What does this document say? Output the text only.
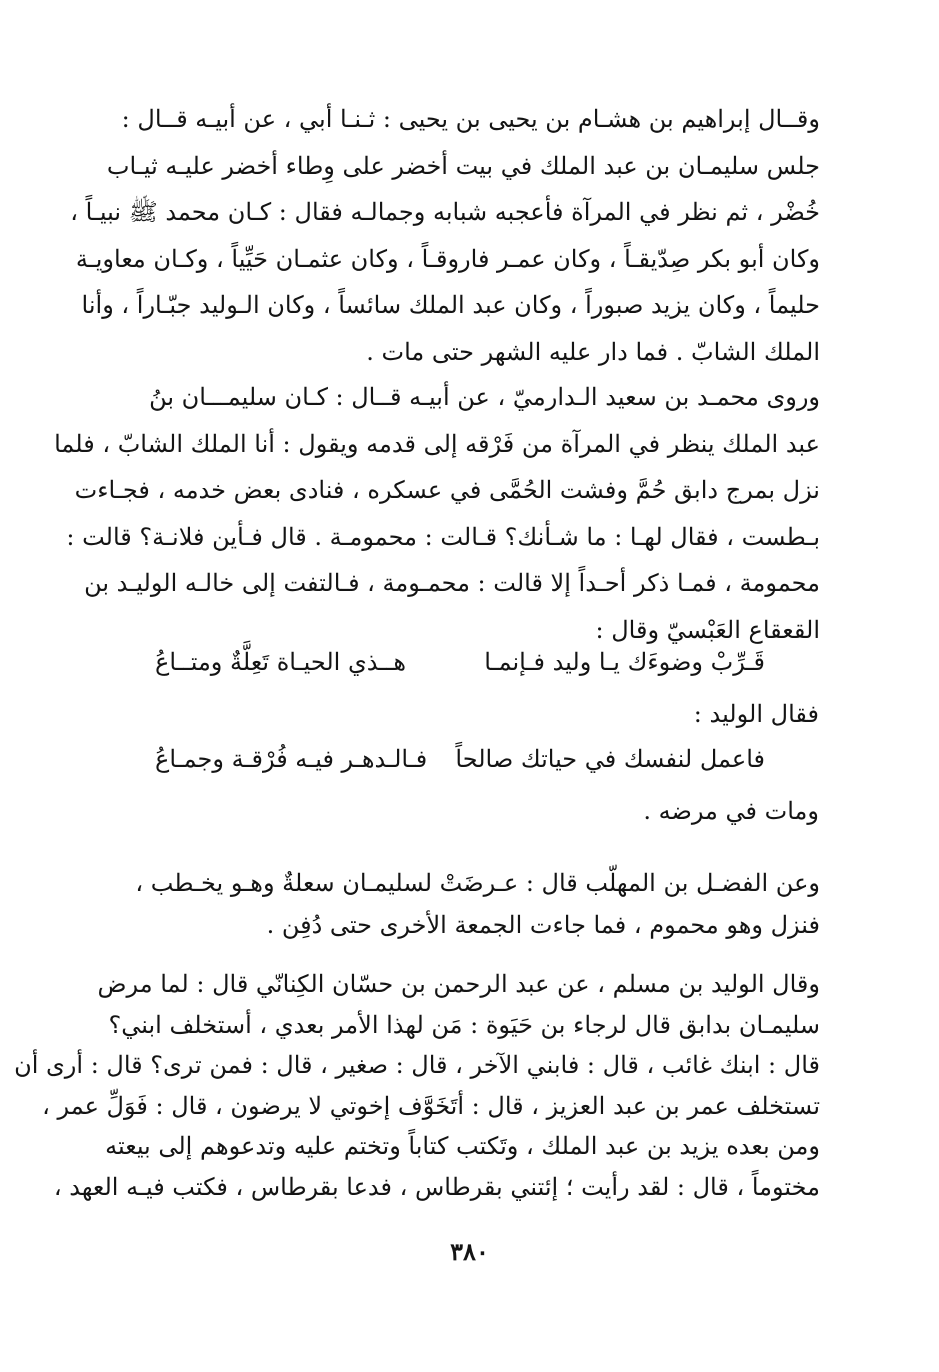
وقــال إبراهيم بن هشـام بن يحيى بن يحيى : ثـنـا أبي ، عن أبيـه قــال :
جلس سليمـان بن عبد الملك في بيت أخضر على وِطاء أخضر عليـه ثيـاب
خُضْر ، ثم نظر في المرآة فأعجبه شبابه وجمالـه فقال : كـان محمد ﷺ نبيـاً ،
وكان أبو بكر صِدّيقـاً ، وكان عمـر فاروقـاً ، وكان عثمـان حَيِّياً ، وكـان معاويـة
حليماً ، وكان يزيد صبوراً ، وكان عبد الملك سائساً ، وكان الـوليد جبّـاراً ، وأنا
الملك الشابّ . فما دار عليه الشهر حتى مات .
وروى محمـد بن سعيد الـدارميّ ، عن أبيـه قــال : كـان سليمـــان بنُ
عبد الملك ينظر في المرآة من فَرْقه إلى قدمه ويقول : أنا الملك الشابّ ، فلما
نزل بمرج دابق حُمَّ وفشت الحُمَّى في عسكره ، فنادى بعض خدمه ، فجـاءت
بـطست ، فقال لهـا : ما شـأنك؟ قـالت : محمومـة . قال فـأين فلانـة؟ قالت :
محمومة ، فمـا ذكر أحـداً إلا قالت : محمـومة ، فـالتفت إلى خالـه الوليـد بن
القعقاع العَبْسيّ وقال :
قَـرِّبْ وضوءَك يـا وليد فـإنمـا
هــذي الحيـاة تَعِلَّةٌ ومتــاعُ
فقال الوليد :
فاعمل لنفسك في حياتك صالحاً
فـالـدهـر فيـه فُرْقـة وجمـاعُ
ومات في مرضه .
وعن الفضـل بن المهلّب قال : عـرضَتْ لسليمـان سعلةٌ وهـو يخـطب ،
فنزل وهو محموم ، فما جاءت الجمعة الأخرى حتى دُفِن .
وقال الوليد بن مسلم ، عن عبد الرحمن بن حسّان الكِنانّي قال : لما مرض
سليمـان بدابق قال لرجاء بن حَيَوة : مَن لهذا الأمر بعدي ، أستخلف ابني؟
قال : ابنك غائب ، قال : فابني الآخر ، قال : صغير ، قال : فمن ترى؟ قال : أرى أن
تستخلف عمر بن عبد العزيز ، قال : أتَخَوَّف إخوتي لا يرضون ، قال : فَوَلِّ عمر ،
ومن بعده يزيد بن عبد الملك ، وتَكتب كتاباً وتختم عليه وتدعوهم إلى بيعته
مختوماً ، قال : لقد رأيت ؛ إئتني بقرطاس ، فدعا بقرطاس ، فكتب فيـه العهد ،
٣٨٠
